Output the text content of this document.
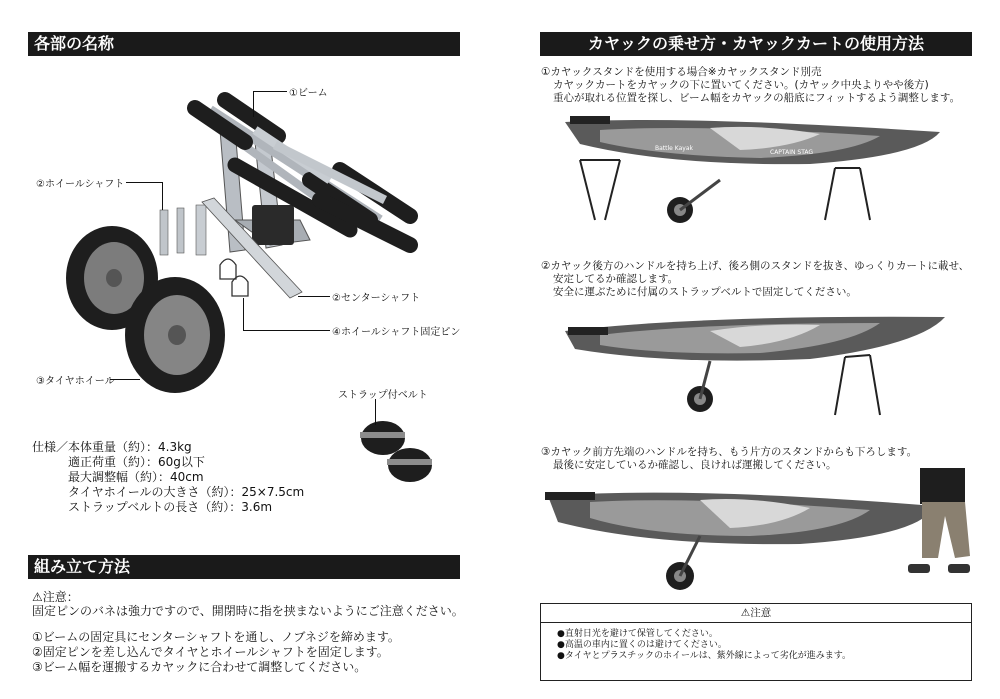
各部の名称
①ビーム
②ホイールシャフト
②センターシャフト
④ホイールシャフト固定ピン
③タイヤホイール
ストラップ付ベルト
仕様／ 本体重量（約）：4.3kg
適正荷重（約）：60g以下
最大調整幅（約）：40cm
タイヤホイールの大きさ（約）：25×7.5cm
ストラップベルトの長さ（約）：3.6m
組み立て方法
⚠注意：
固定ピンのバネは強力ですので、開閉時に指を挟まないようにご注意ください。
①ビームの固定具にセンターシャフトを通し、ノブネジを締めます。
②固定ピンを差し込んでタイヤとホイールシャフトを固定します。
③ビーム幅を運搬するカヤックに合わせて調整してください。
カヤックの乗せ方・カヤックカートの使用方法
①カヤックスタンドを使用する場合※カヤックスタンド別売
カヤックカートをカヤックの下に置いてください。(カヤック中央よりやや後方)
重心が取れる位置を探し、ビーム幅をカヤックの船底にフィットするよう調整します。
CAPTAIN STAG
Battle Kayak
②カヤック後方のハンドルを持ち上げ、後ろ側のスタンドを抜き、ゆっくりカートに載せ、
安定してるか確認します。
安全に運ぶために付属のストラップベルトで固定してください。
③カヤック前方先端のハンドルを持ち、もう片方のスタンドからも下ろします。
最後に安定しているか確認し、良ければ運搬してください。
⚠注意
●直射日光を避けて保管してください。
●高温の車内に置くのは避けてください。
●タイヤとプラスチックのホイールは、紫外線によって劣化が進みます。
